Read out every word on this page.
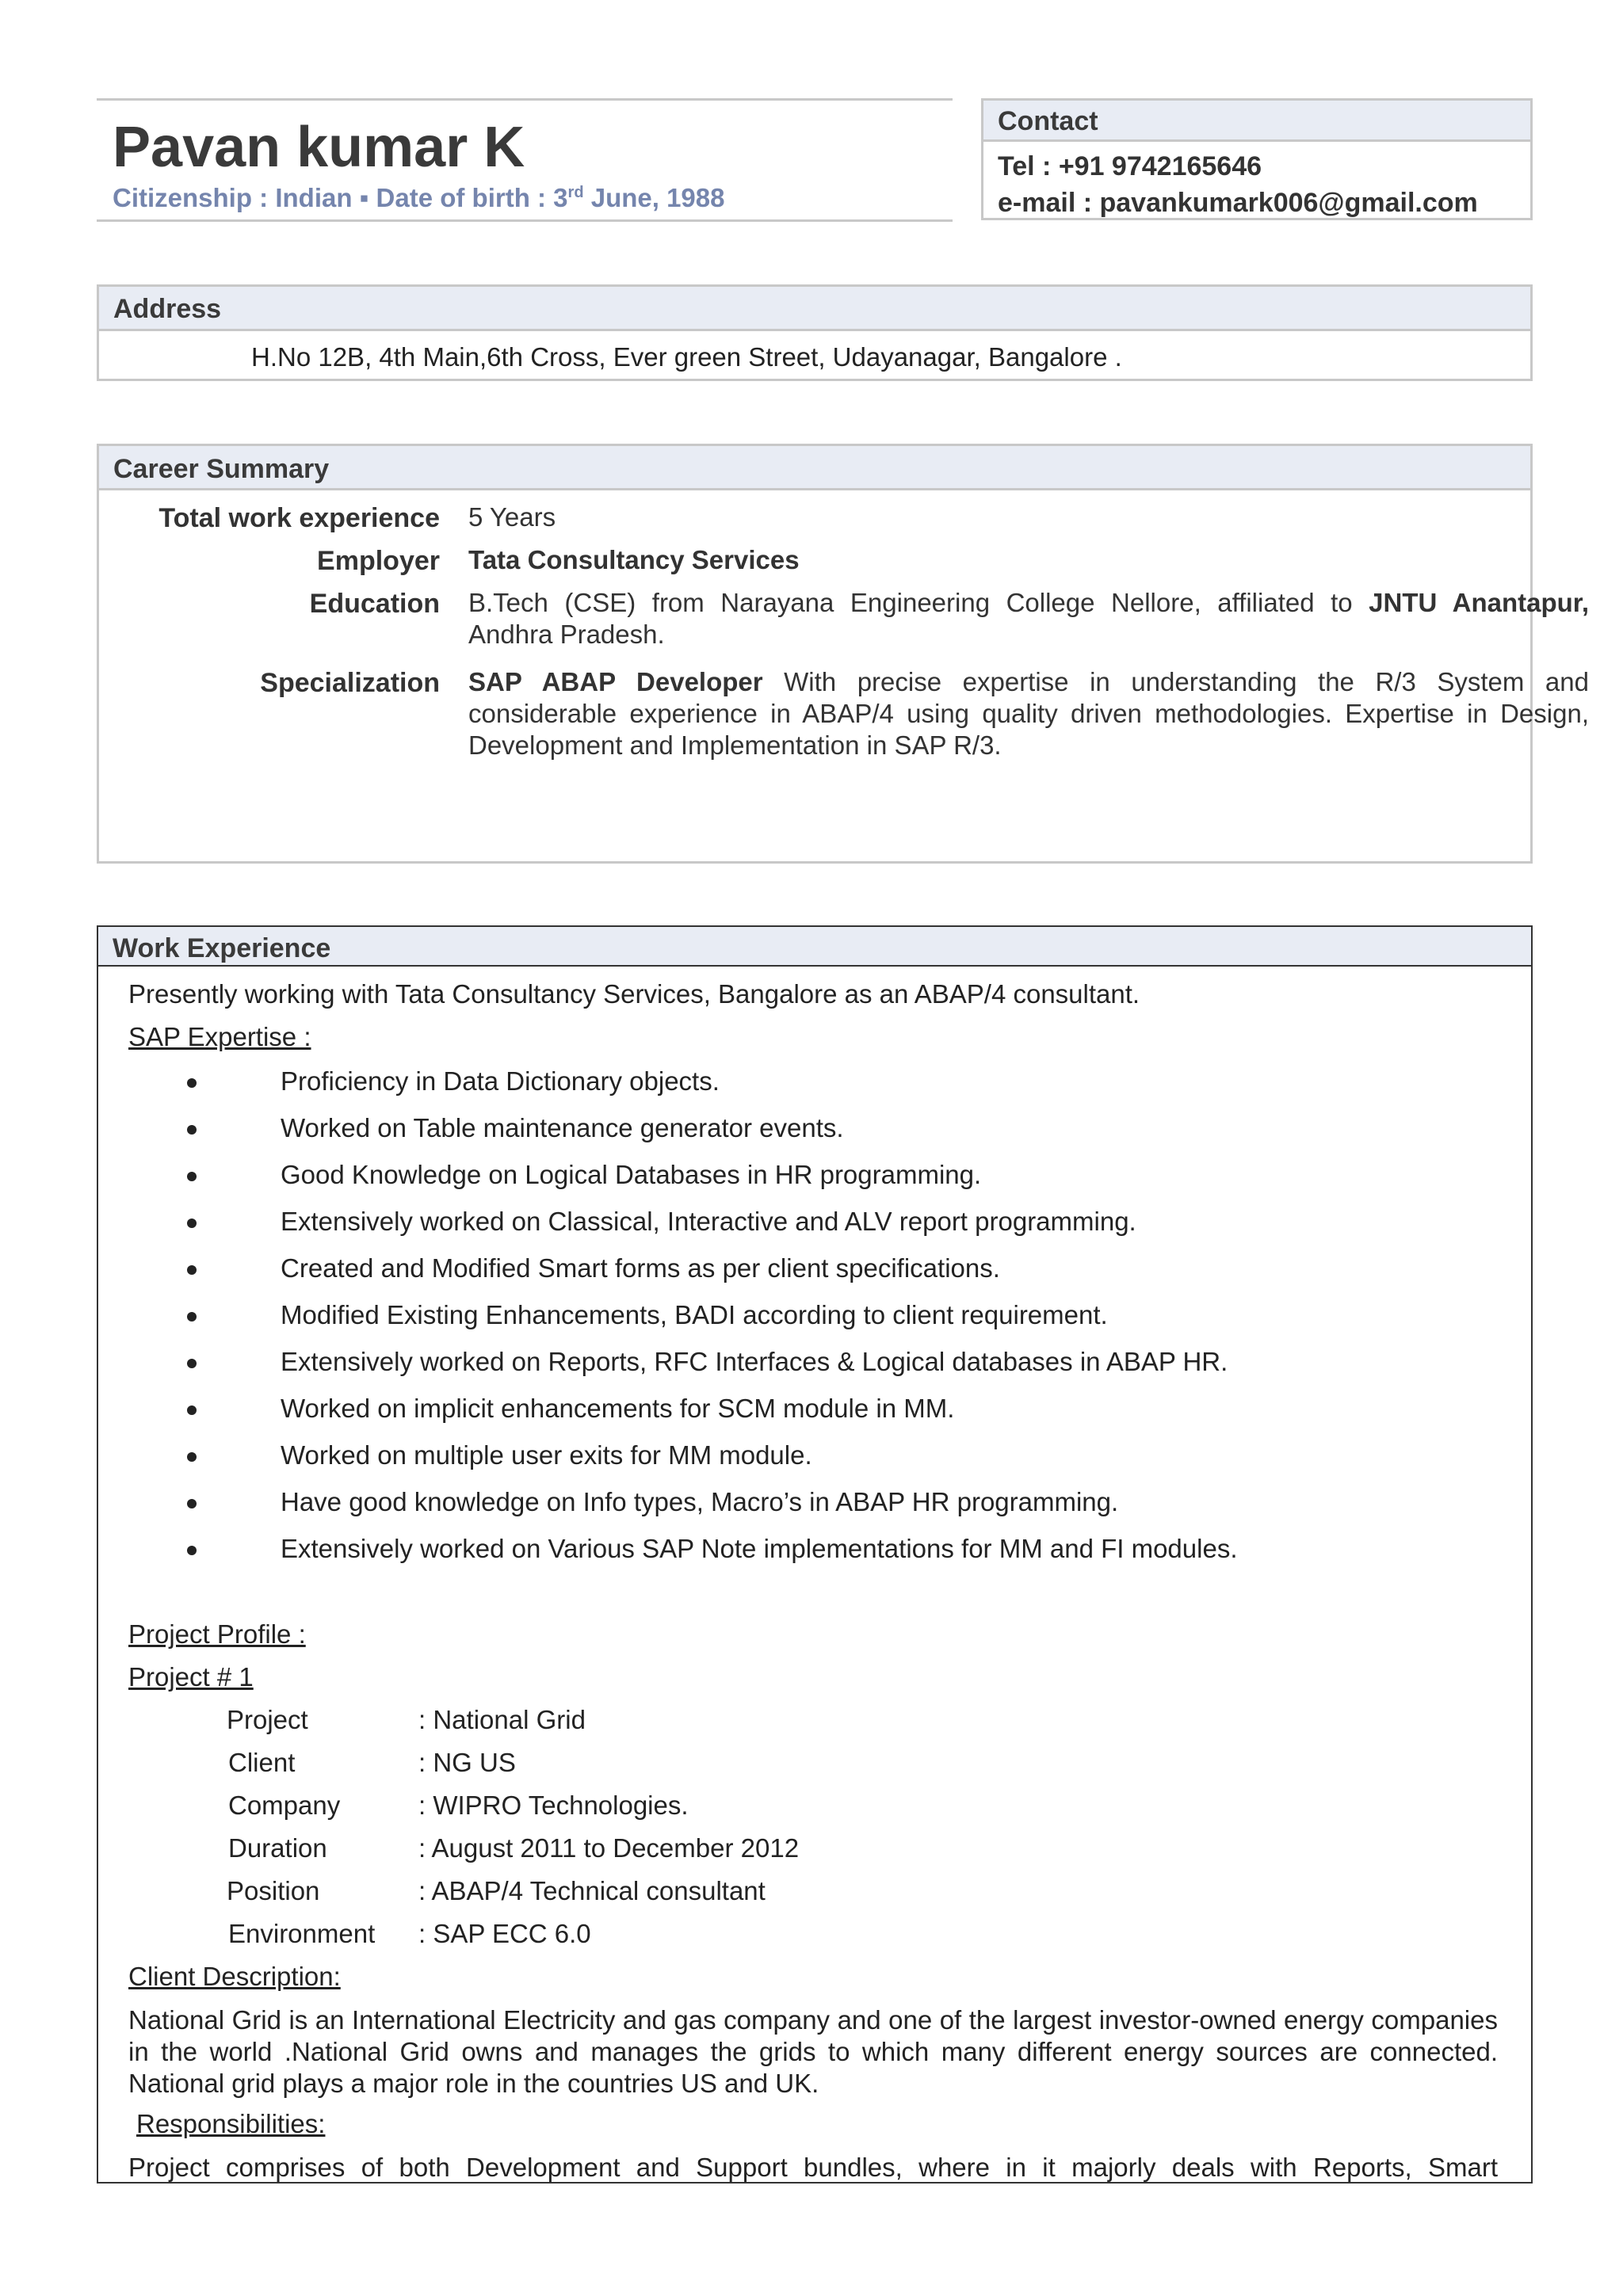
Pavan kumar K
Citizenship : Indian ▪ Date of birth : 3rd June, 1988
Contact
Tel : +91 9742165646
e-mail : pavankumark006@gmail.com
Address
H.No 12B, 4th Main,6th Cross, Ever green Street, Udayanagar, Bangalore .
Career Summary
Total work experience 5 Years
Employer Tata Consultancy Services
Education B.Tech (CSE) from Narayana Engineering College Nellore, affiliated to JNTU Anantapur, Andhra Pradesh.
Specialization SAP ABAP Developer With precise expertise in understanding the R/3 System and considerable experience in ABAP/4 using quality driven methodologies. Expertise in Design, Development and Implementation in SAP R/3.
Work Experience
Presently working with Tata Consultancy Services, Bangalore as an ABAP/4 consultant.
SAP Expertise :
Proficiency in Data Dictionary objects.
Worked on Table maintenance generator events.
Good Knowledge on Logical Databases in HR programming.
Extensively worked on Classical, Interactive and ALV report programming.
Created and Modified Smart forms as per client specifications.
Modified Existing Enhancements, BADI according to client requirement.
Extensively worked on Reports, RFC Interfaces & Logical databases in ABAP HR.
Worked on implicit enhancements for SCM module in MM.
Worked on multiple user exits for MM module.
Have good knowledge on Info types, Macro’s in ABAP HR programming.
Extensively worked on Various SAP Note implementations for MM and FI modules.
Project Profile :
Project # 1
Project	: National Grid
Client	: NG US
Company	: WIPRO Technologies.
Duration	: August 2011 to December 2012
Position	: ABAP/4 Technical consultant
Environment : SAP ECC 6.0
Client Description:
National Grid is an International Electricity and gas company and one of the largest investor-owned energy companies in the world .National Grid owns and manages the grids to which many different energy sources are connected. National grid plays a major role in the countries US and UK.
Responsibilities:
Project comprises of both Development and Support bundles, where in it majorly deals with Reports, Smart
